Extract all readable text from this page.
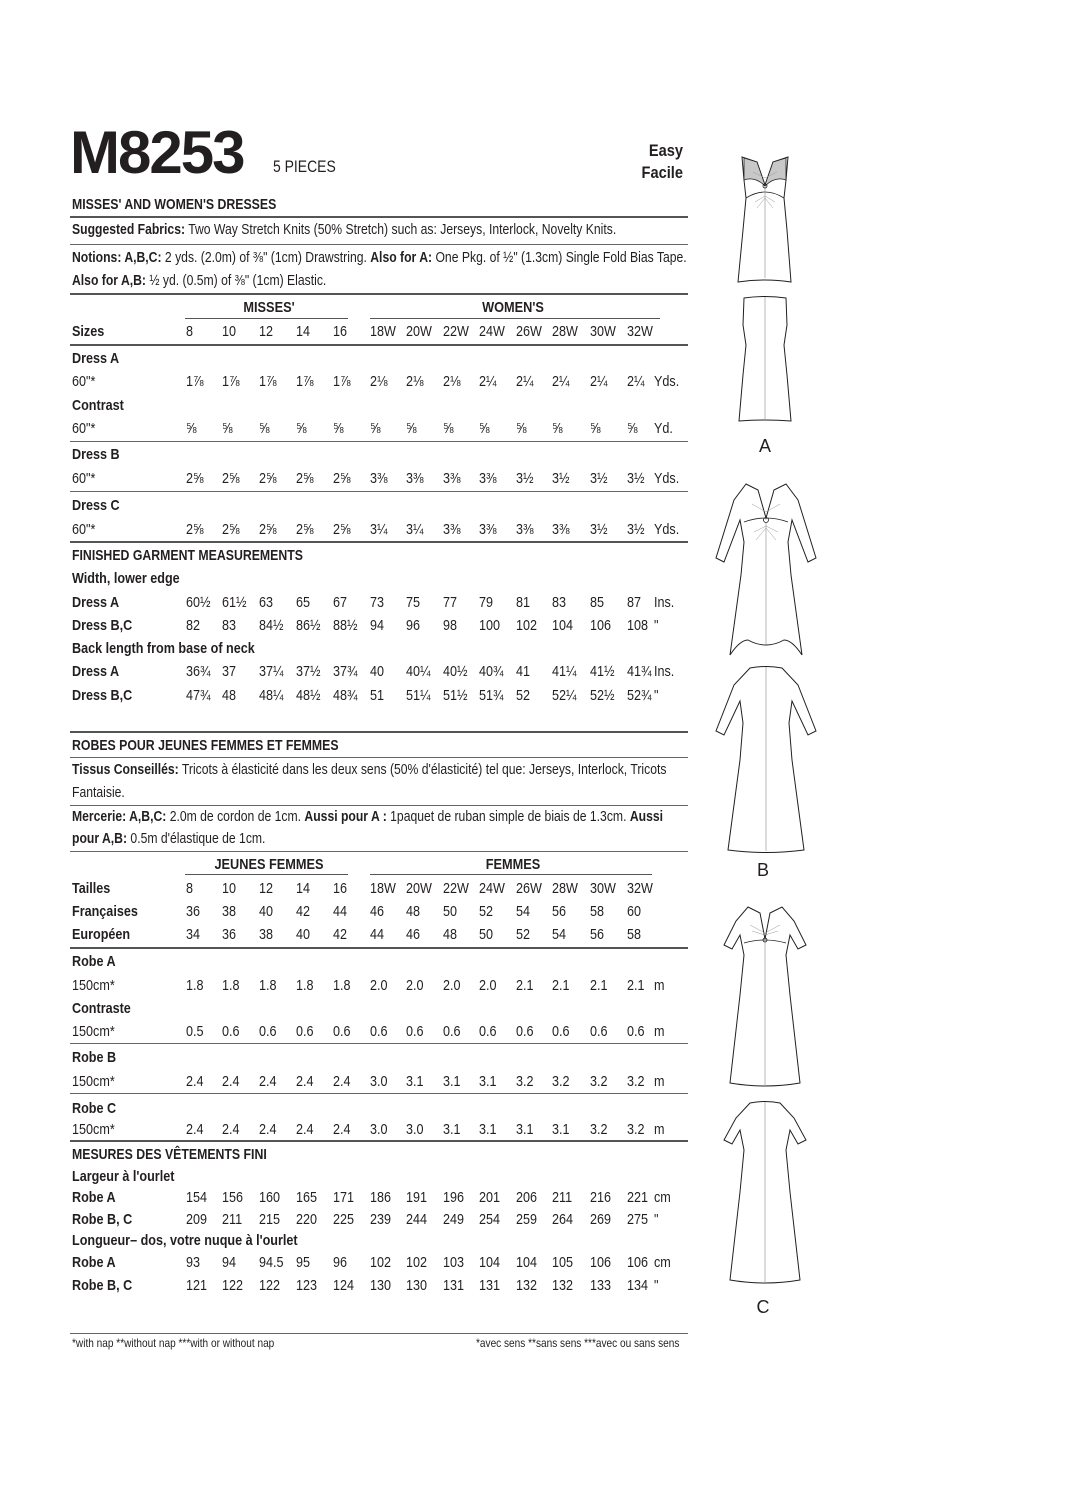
M8253 5 PIECES
Easy
Facile
MISSES' AND WOMEN'S DRESSES
Suggested Fabrics: Two Way Stretch Knits (50% Stretch) such as: Jerseys, Interlock, Novelty Knits.
Notions: A,B,C: 2 yds. (2.0m) of ⅜" (1cm) Drawstring. Also for A: One Pkg. of ½" (1.3cm) Single Fold Bias Tape.
Also for A,B: ½ yd. (0.5m) of ⅜" (1cm) Elastic.
MISSES'	WOMEN'S
Sizes	8 10 12 14 16 18W 20W 22W 24W 26W 28W 30W 32W
Dress A
60"*	1⅞ 1⅞ 1⅞ 1⅞ 1⅞ 2⅛ 2⅛ 2⅛ 2¼ 2¼ 2¼ 2¼ 2¼ Yds.
Contrast
60"*	⅝ ⅝ ⅝ ⅝ ⅝ ⅝ ⅝ ⅝ ⅝ ⅝ ⅝ ⅝ ⅝ Yd.
Dress B
60"*	2⅝ 2⅝ 2⅝ 2⅝ 2⅝ 3⅜ 3⅜ 3⅜ 3⅜ 3½ 3½ 3½ 3½ Yds.
Dress C
60"*	2⅝ 2⅝ 2⅝ 2⅝ 2⅝ 3¼ 3¼ 3⅜ 3⅜ 3⅜ 3⅜ 3½ 3½ Yds.
FINISHED GARMENT MEASUREMENTS
Width, lower edge
Dress A	60½ 61½ 63 65 67 73 75 77 79 81 83 85 87 Ins.
Dress B,C	82 83 84½ 86½ 88½ 94 96 98 100 102 104 106 108 "
Back length from base of neck
Dress A	36¾ 37 37¼ 37½ 37¾ 40 40¼ 40½ 40¾ 41 41¼ 41½ 41¾ Ins.
Dress B,C	47¾ 48 48¼ 48½ 48¾ 51 51¼ 51½ 51¾ 52 52¼ 52½ 52¾ "
ROBES POUR JEUNES FEMMES ET FEMMES
Tissus Conseillés: Tricots à élasticité dans les deux sens (50% d'élasticité) tel que: Jerseys, Interlock, Tricots
Fantaisie.
Mercerie: A,B,C: 2.0m de cordon de 1cm. Aussi pour A : 1paquet de ruban simple de biais de 1.3cm. Aussi
pour A,B: 0.5m d'élastique de 1cm.
JEUNES FEMMES	FEMMES
Tailles	8 10 12 14 16 18W 20W 22W 24W 26W 28W 30W 32W
Françaises	36 38 40 42 44 46 48 50 52 54 56 58 60
Européen	34 36 38 40 42 44 46 48 50 52 54 56 58
Robe A
150cm*	1.8 1.8 1.8 1.8 1.8 2.0 2.0 2.0 2.0 2.1 2.1 2.1 2.1 m
Contraste
150cm*	0.5 0.6 0.6 0.6 0.6 0.6 0.6 0.6 0.6 0.6 0.6 0.6 0.6 m
Robe B
150cm*	2.4 2.4 2.4 2.4 2.4 3.0 3.1 3.1 3.1 3.2 3.2 3.2 3.2 m
Robe C
150cm*	2.4 2.4 2.4 2.4 2.4 3.0 3.0 3.1 3.1 3.1 3.1 3.2 3.2 m
MESURES DES VÊTEMENTS FINI
Largeur à l'ourlet
Robe A	154 156 160 165 171 186 191 196 201 206 211 216 221 cm
Robe B, C	209 211 215 220 225 239 244 249 254 259 264 269 275 "
Longueur– dos, votre nuque à l'ourlet
Robe A	93 94 94.5 95 96 102 102 103 104 104 105 106 106 cm
Robe B, C	121 122 122 123 124 130 130 131 131 132 132 133 134 "
*with nap **without nap ***with or without nap	*avec sens **sans sens ***avec ou sans sens
A
B
C
